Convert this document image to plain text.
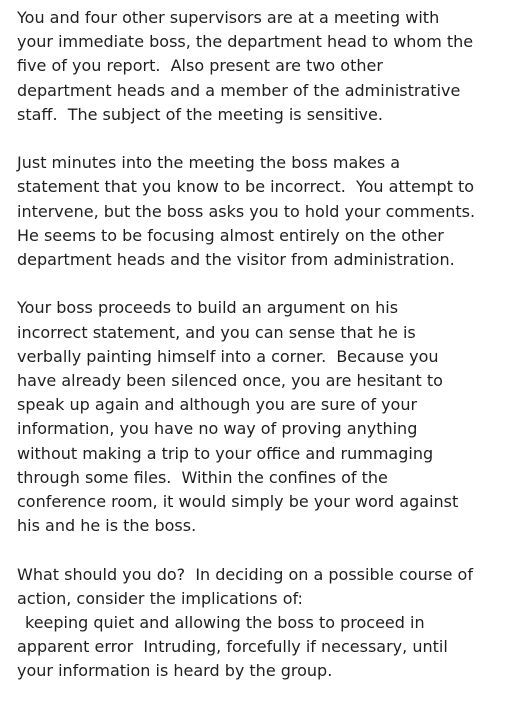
You and four other supervisors are at a meeting with
your immediate boss, the department head to whom the
five of you report.  Also present are two other
department heads and a member of the administrative
staff.  The subject of the meeting is sensitive.
Just minutes into the meeting the boss makes a
statement that you know to be incorrect.  You attempt to
intervene, but the boss asks you to hold your comments.
He seems to be focusing almost entirely on the other
department heads and the visitor from administration.
Your boss proceeds to build an argument on his
incorrect statement, and you can sense that he is
verbally painting himself into a corner.  Because you
have already been silenced once, you are hesitant to
speak up again and although you are sure of your
information, you have no way of proving anything
without making a trip to your office and rummaging
through some files.  Within the confines of the
conference room, it would simply be your word against
his and he is the boss.
What should you do?  In deciding on a possible course of
action, consider the implications of:
keeping quiet and allowing the boss to proceed in
apparent error  Intruding, forcefully if necessary, until
your information is heard by the group.
